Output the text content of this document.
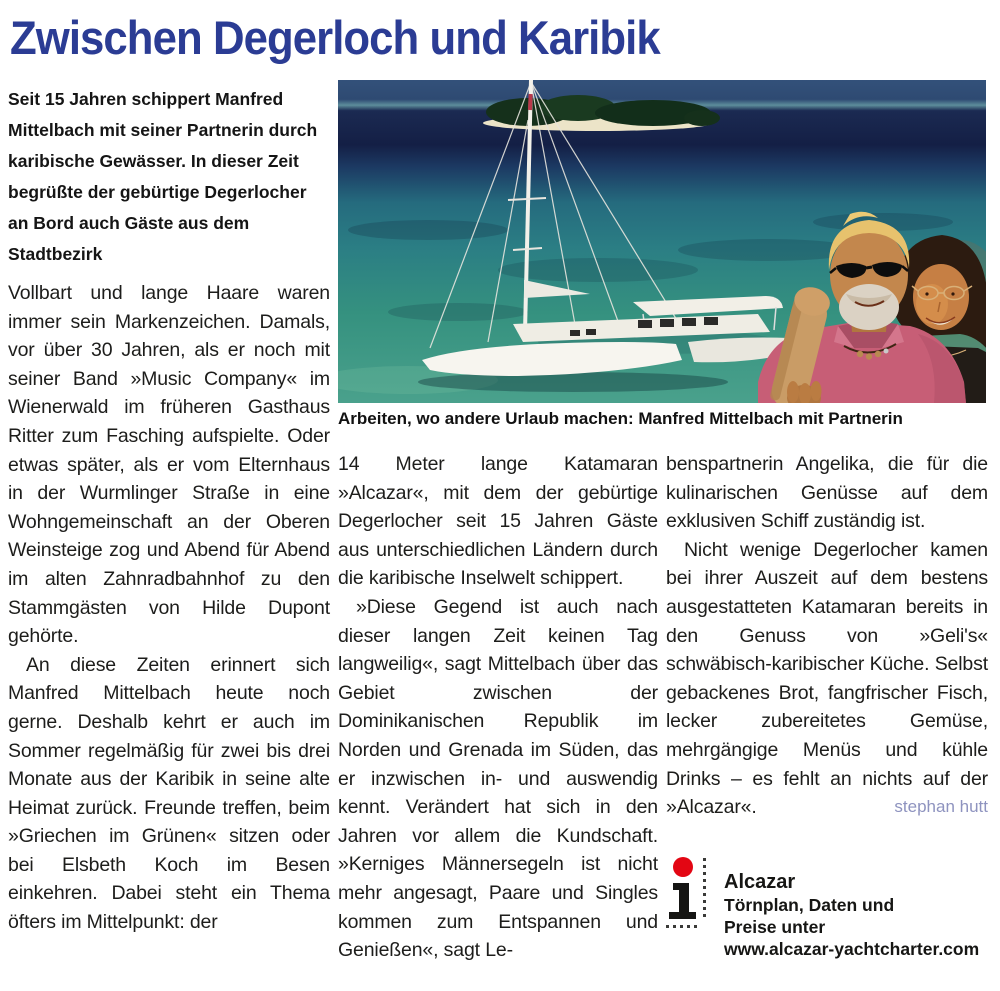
Zwischen Degerloch und Karibik
Seit 15 Jahren schippert Manfred Mittelbach mit seiner Partnerin durch karibische Gewässer. In dieser Zeit begrüßte der gebürtige Degerlocher an Bord auch Gäste aus dem Stadtbezirk
Arbeiten, wo andere Urlaub machen: Manfred Mittelbach mit Partnerin

Vollbart und lange Haare waren immer sein Markenzeichen. Damals, vor über 30 Jahren, als er noch mit seiner Band »Music Company« im Wienerwald im früheren Gasthaus Ritter zum Fasching aufspielte. Oder etwas später, als er vom Elternhaus in der Wurmlinger Straße in eine Wohngemeinschaft an der Oberen Weinsteige zog und Abend für Abend im alten Zahnradbahnhof zu den Stammgästen von Hilde Dupont gehörte.

An diese Zeiten erinnert sich Manfred Mittelbach heute noch gerne. Deshalb kehrt er auch im Sommer regelmäßig für zwei bis drei Monate aus der Karibik in seine alte Heimat zurück. Freunde treffen, beim »Griechen im Grünen« sitzen oder bei Elsbeth Koch im Besen einkehren. Dabei steht ein Thema öfters im Mittelpunkt: der

14 Meter lange Katamaran »Alcazar«, mit dem der gebürtige Degerlocher seit 15 Jahren Gäste aus unterschiedlichen Ländern durch die karibische Inselwelt schippert.

»Diese Gegend ist auch nach dieser langen Zeit keinen Tag langweilig«, sagt Mittelbach über das Gebiet zwischen der Dominikanischen Republik im Norden und Grenada im Süden, das er inzwischen in- und auswendig kennt. Verändert hat sich in den Jahren vor allem die Kundschaft. »Kerniges Männersegeln ist nicht mehr angesagt, Paare und Singles kommen zum Entspannen und Genießen«, sagt Le-

benspartnerin Angelika, die für die kulinarischen Genüsse auf dem exklusiven Schiff zuständig ist.

Nicht wenige Degerlocher kamen bei ihrer Auszeit auf dem bestens ausgestatteten Katamaran bereits in den Genuss von »Geli's« schwäbisch-karibischer Küche. Selbst gebackenes Brot, fangfrischer Fisch, lecker zubereitetes Gemüse, mehrgängige Menüs und kühle Drinks – es fehlt an nichts auf der »Alcazar«.	stephan hutt
Alcazar
Törnplan, Daten und
Preise unter
www.alcazar-yachtcharter.com
